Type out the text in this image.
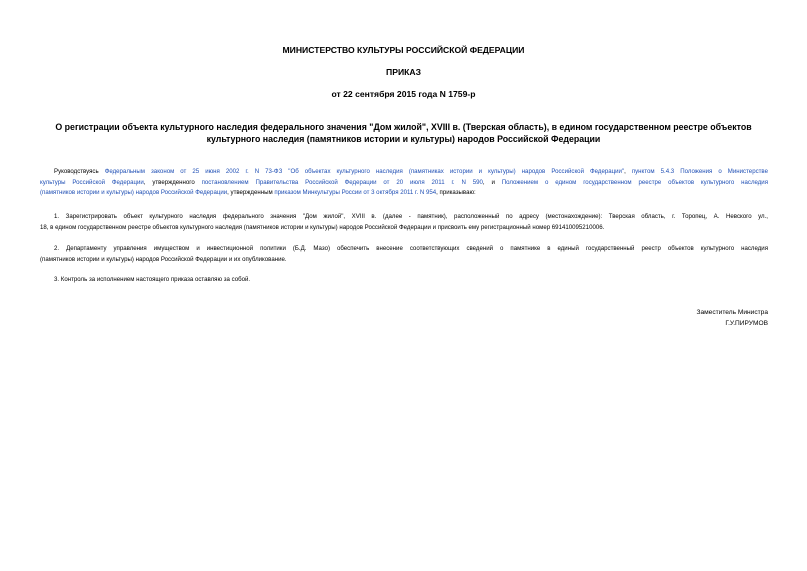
МИНИСТЕРСТВО КУЛЬТУРЫ РОССИЙСКОЙ ФЕДЕРАЦИИ
ПРИКАЗ
от 22 сентября 2015 года N 1759-р
О регистрации объекта культурного наследия федерального значения "Дом жилой", XVIII в. (Тверская область), в едином государственном реестре объектов
культурного наследия (памятников истории и культуры) народов Российской Федерации
Руководствуясь Федеральным законом от 25 июня 2002 г. N 73-ФЗ "Об объектах культурного наследия (памятниках истории и культуры) народов Российской Федерации", пунктом 5.4.3 Положения о Министерстве
культуры Российской Федерации, утвержденного постановлением Правительства Российской Федерации от 20 июля 2011 г. N 590, и Положением о едином государственном реестре объектов культурного наследия
(памятников истории и культуры) народов Российской Федерации, утвержденным приказом Минкультуры России от 3 октября 2011 г. N 954, приказываю:
1. Зарегистрировать объект культурного наследия федерального значения "Дом жилой", XVIII в. (далее - памятник), расположенный по адресу (местонахождение): Тверская область, г. Торопец, А. Невского ул.,
18, в едином государственном реестре объектов культурного наследия (памятников истории и культуры) народов Российской Федерации и присвоить ему регистрационный номер 691410095210006.
2. Департаменту управления имуществом и инвестиционной политики (Б.Д. Мазо) обеспечить внесение соответствующих сведений о памятнике в единый государственный реестр объектов культурного наследия
(памятников истории и культуры) народов Российской Федерации и их опубликование.
3. Контроль за исполнением настоящего приказа оставляю за собой.
Заместитель Министра
Г.У.ПИРУМОВ
